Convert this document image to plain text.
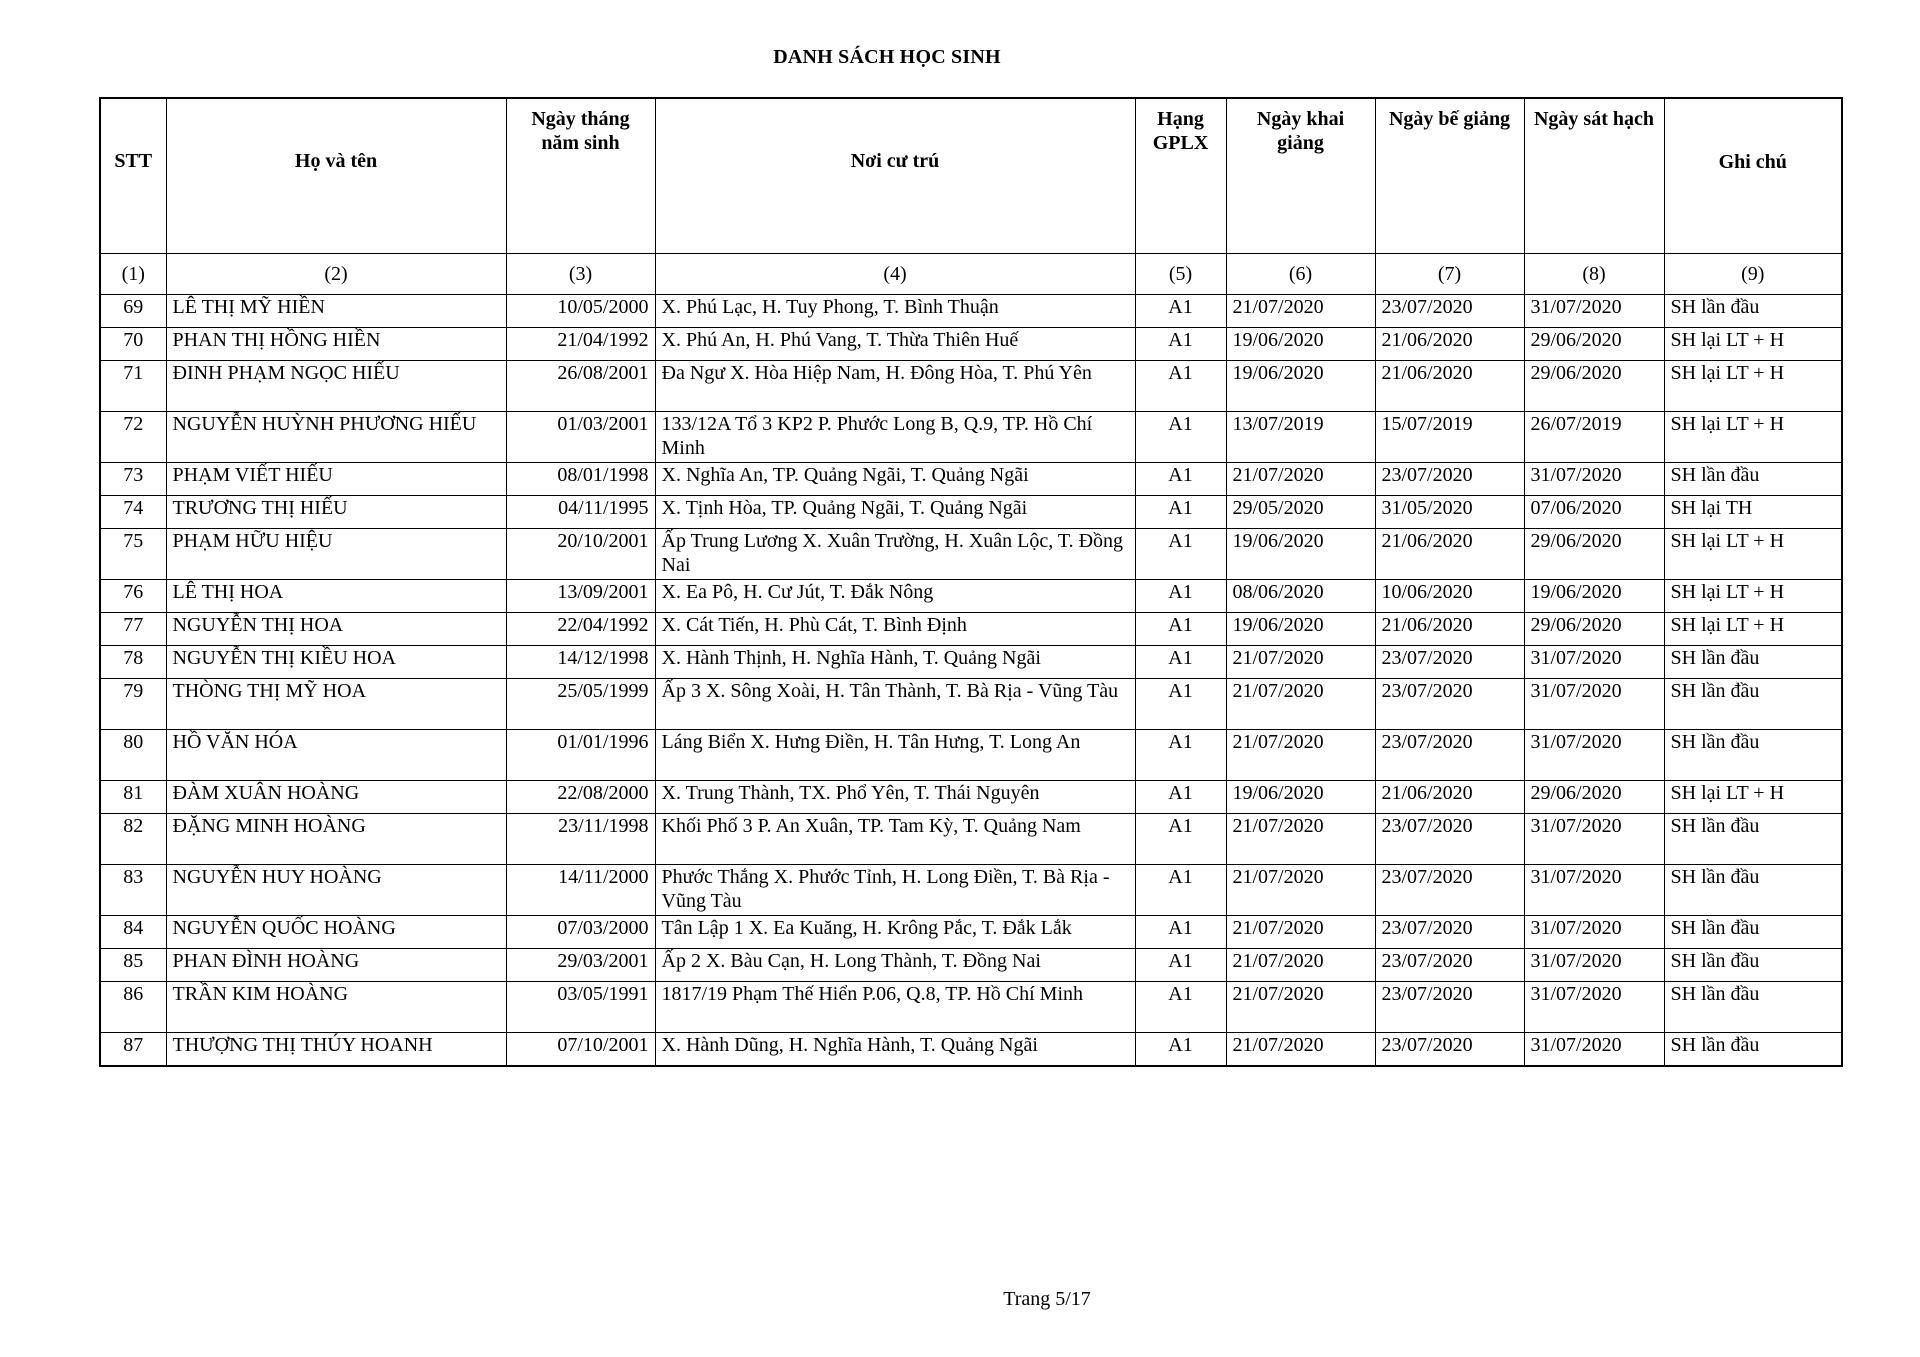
DANH SÁCH HỌC SINH
STT	Họ và tên	Ngày tháng năm sinh	Nơi cư trú	Hạng GPLX	Ngày khai giảng	Ngày bế giảng	Ngày sát hạch	Ghi chú
(1)	(2)	(3)	(4)	(5)	(6)	(7)	(8)	(9)
69	LÊ THỊ MỸ HIỀN	10/05/2000	X. Phú Lạc, H. Tuy Phong, T. Bình Thuận	A1	21/07/2020	23/07/2020	31/07/2020	SH lần đầu
70	PHAN THỊ HỒNG HIỀN	21/04/1992	X. Phú An, H. Phú Vang, T. Thừa Thiên Huế	A1	19/06/2020	21/06/2020	29/06/2020	SH lại LT + H
71	ĐINH PHẠM NGỌC HIẾU	26/08/2001	Đa Ngư X. Hòa Hiệp Nam, H. Đông Hòa, T. Phú Yên	A1	19/06/2020	21/06/2020	29/06/2020	SH lại LT + H
72	NGUYỄN HUỲNH PHƯƠNG HIẾU	01/03/2001	133/12A Tổ 3 KP2 P. Phước Long B, Q.9, TP. Hồ Chí Minh	A1	13/07/2019	15/07/2019	26/07/2019	SH lại LT + H
73	PHẠM VIẾT HIẾU	08/01/1998	X. Nghĩa An, TP. Quảng Ngãi, T. Quảng Ngãi	A1	21/07/2020	23/07/2020	31/07/2020	SH lần đầu
74	TRƯƠNG THỊ HIẾU	04/11/1995	X. Tịnh Hòa, TP. Quảng Ngãi, T. Quảng Ngãi	A1	29/05/2020	31/05/2020	07/06/2020	SH lại TH
75	PHẠM HỮU HIỆU	20/10/2001	Ấp Trung Lương X. Xuân Trường, H. Xuân Lộc, T. Đồng Nai	A1	19/06/2020	21/06/2020	29/06/2020	SH lại LT + H
76	LÊ THỊ HOA	13/09/2001	X. Ea Pô, H. Cư Jút, T. Đắk Nông	A1	08/06/2020	10/06/2020	19/06/2020	SH lại LT + H
77	NGUYỄN THỊ HOA	22/04/1992	X. Cát Tiến, H. Phù Cát, T. Bình Định	A1	19/06/2020	21/06/2020	29/06/2020	SH lại LT + H
78	NGUYỄN THỊ KIỀU HOA	14/12/1998	X. Hành Thịnh, H. Nghĩa Hành, T. Quảng Ngãi	A1	21/07/2020	23/07/2020	31/07/2020	SH lần đầu
79	THÒNG THỊ MỸ HOA	25/05/1999	Ấp 3 X. Sông Xoài, H. Tân Thành, T. Bà Rịa - Vũng Tàu	A1	21/07/2020	23/07/2020	31/07/2020	SH lần đầu
80	HỒ VĂN HÓA	01/01/1996	Láng Biển X. Hưng Điền, H. Tân Hưng, T. Long An	A1	21/07/2020	23/07/2020	31/07/2020	SH lần đầu
81	ĐÀM XUÂN HOÀNG	22/08/2000	X. Trung Thành, TX. Phổ Yên, T. Thái Nguyên	A1	19/06/2020	21/06/2020	29/06/2020	SH lại LT + H
82	ĐẶNG MINH HOÀNG	23/11/1998	Khối Phố 3 P. An Xuân, TP. Tam Kỳ, T. Quảng Nam	A1	21/07/2020	23/07/2020	31/07/2020	SH lần đầu
83	NGUYỄN HUY HOÀNG	14/11/2000	Phước Thắng X. Phước Tỉnh, H. Long Điền, T. Bà Rịa - Vũng Tàu	A1	21/07/2020	23/07/2020	31/07/2020	SH lần đầu
84	NGUYỄN QUỐC HOÀNG	07/03/2000	Tân Lập 1 X. Ea Kuăng, H. Krông Pắc, T. Đắk Lắk	A1	21/07/2020	23/07/2020	31/07/2020	SH lần đầu
85	PHAN ĐÌNH HOÀNG	29/03/2001	Ấp 2 X. Bàu Cạn, H. Long Thành, T. Đồng Nai	A1	21/07/2020	23/07/2020	31/07/2020	SH lần đầu
86	TRẦN KIM HOÀNG	03/05/1991	1817/19 Phạm Thế Hiển P.06, Q.8, TP. Hồ Chí Minh	A1	21/07/2020	23/07/2020	31/07/2020	SH lần đầu
87	THƯỢNG THỊ THÚY HOANH	07/10/2001	X. Hành Dũng, H. Nghĩa Hành, T. Quảng Ngãi	A1	21/07/2020	23/07/2020	31/07/2020	SH lần đầu
Trang 5/17
